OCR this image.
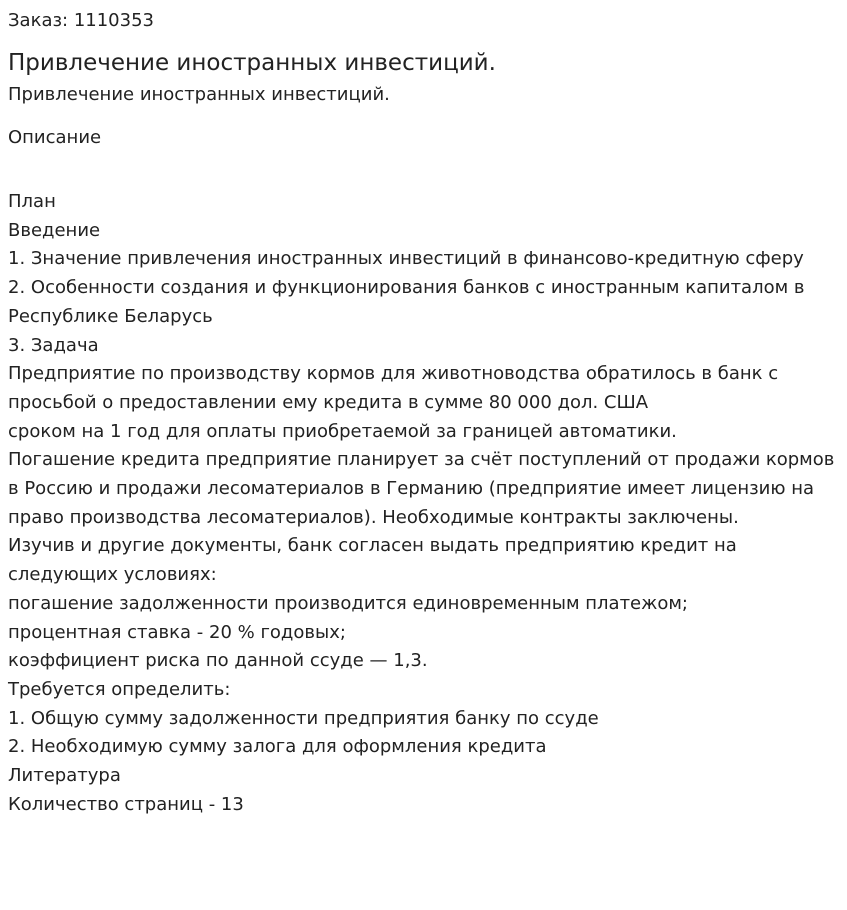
Заказ: 1110353

Привлечение иностранных инвестиций.

Привлечение иностранных инвестиций.

Описание

План
Введение
1. Значение привлечения иностранных инвестиций в финансово-кредитную сферу
2. Особенности создания и функционирования банков с иностранным капиталом в Республике Беларусь
3. Задача
Предприятие по производству кормов для животноводства обратилось в банк с просьбой о предоставлении ему кредита в сумме 80 000 дол. США
сроком на 1 год для оплаты приобретаемой за границей автоматики.
Погашение кредита предприятие планирует за счёт поступлений от продажи кормов в Россию и продажи лесоматериалов в Германию (предприятие имеет лицензию на право производства лесоматериалов). Необходимые контракты заключены.
Изучив и другие документы, банк согласен выдать предприятию кредит на следующих условиях:
погашение задолженности производится единовременным платежом;
процентная ставка - 20 % годовых;
коэффициент риска по данной ссуде — 1,3.
Требуется определить:
1. Общую сумму задолженности предприятия банку по ссуде
2. Необходимую сумму залога для оформления кредита
Литература
Количество страниц - 13
